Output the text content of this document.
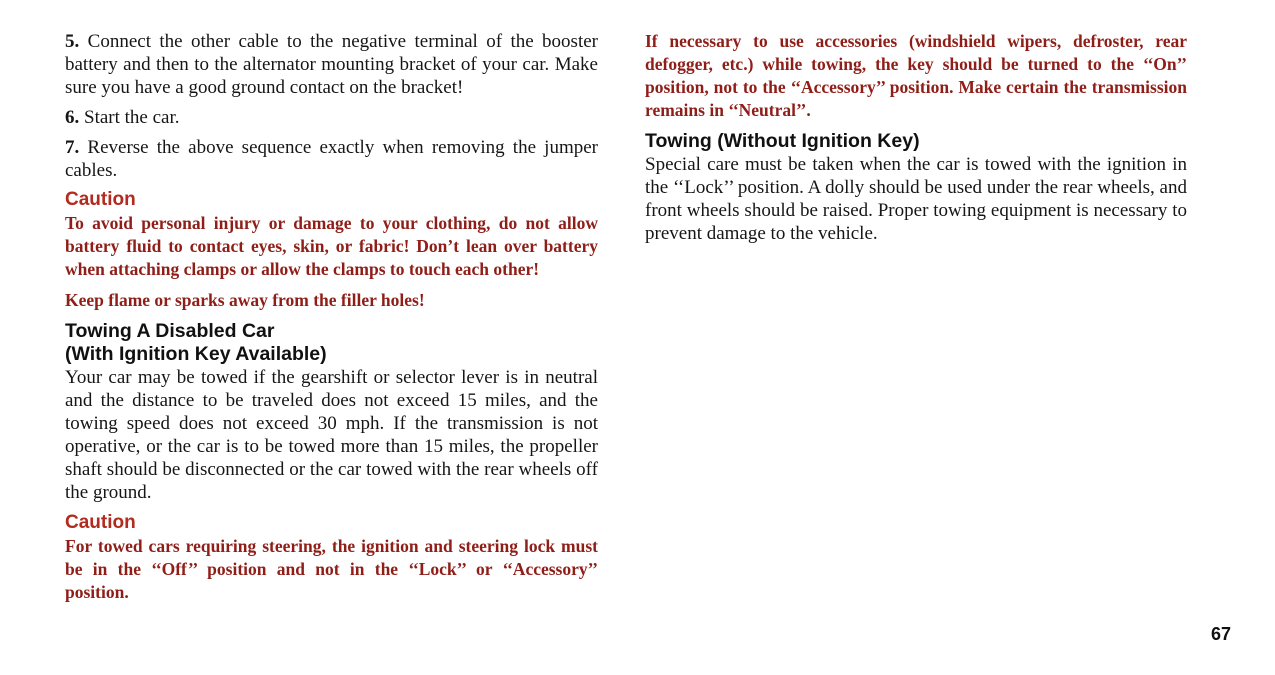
5. Connect the other cable to the negative terminal of the booster battery and then to the alternator mounting bracket of your car. Make sure you have a good ground contact on the bracket!

6. Start the car.

7. Reverse the above sequence exactly when removing the jumper cables.

Caution

To avoid personal injury or damage to your clothing, do not allow battery fluid to contact eyes, skin, or fabric! Don’t lean over battery when attaching clamps or allow the clamps to touch each other!

Keep flame or sparks away from the filler holes!

Towing A Disabled Car

(With Ignition Key Available)

Your car may be towed if the gearshift or selector lever is in neutral and the distance to be traveled does not exceed 15 miles, and the towing speed does not exceed 30 mph. If the transmission is not operative, or the car is to be towed more than 15 miles, the propeller shaft should be disconnected or the car towed with the rear wheels off the ground.

Caution

For towed cars requiring steering, the ignition and steering lock must be in the ‘‘Off’’ position and not in the ‘‘Lock’’ or ‘‘Accessory’’ position.

If necessary to use accessories (windshield wipers, defroster, rear defogger, etc.) while towing, the key should be turned to the ‘‘On’’ position, not to the ‘‘Accessory’’ position. Make certain the transmission remains in ‘‘Neutral’’.

Towing (Without Ignition Key)

Special care must be taken when the car is towed with the ignition in the ‘‘Lock’’ position. A dolly should be used under the rear wheels, and front wheels should be raised. Proper towing equipment is necessary to prevent damage to the vehicle.

67
